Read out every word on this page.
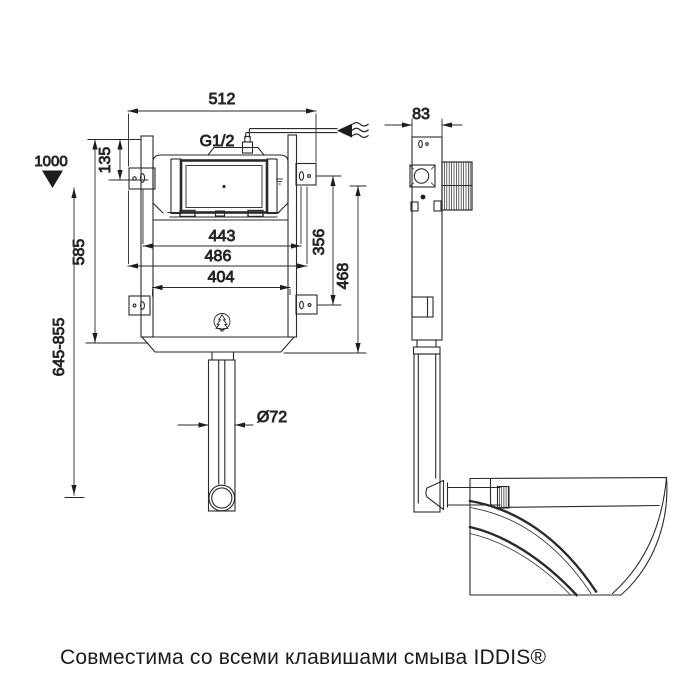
512
G1/2
1000 135
585
645-855
443
486
404
356
468
Ø72
83
Совместима со всеми клавишами смыва IDDIS®
